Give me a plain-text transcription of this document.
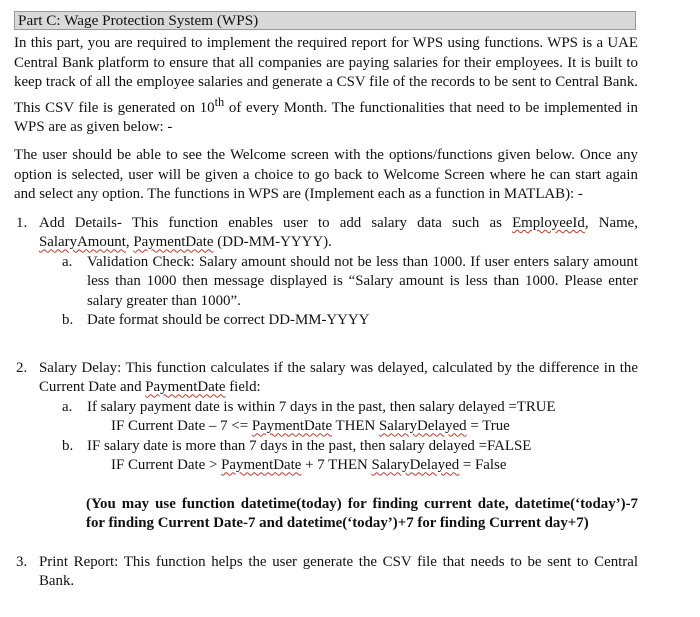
Part C: Wage Protection System (WPS)

In this part, you are required to implement the required report for WPS using functions. WPS is a UAE Central Bank platform to ensure that all companies are paying salaries for their employees. It is built to keep track of all the employee salaries and generate a CSV file of the records to be sent to Central Bank. This CSV file is generated on 10th of every Month. The functionalities that need to be implemented in WPS are as given below: -

The user should be able to see the Welcome screen with the options/functions given below. Once any option is selected, user will be given a choice to go back to Welcome Screen where he can start again and select any option. The functions in WPS are (Implement each as a function in MATLAB): -

1. Add Details- This function enables user to add salary data such as EmployeeId, Name, SalaryAmount, PaymentDate (DD-MM-YYYY).
a. Validation Check: Salary amount should not be less than 1000. If user enters salary amount less than 1000 then message displayed is “Salary amount is less than 1000. Please enter salary greater than 1000”.
b. Date format should be correct DD-MM-YYYY
2. Salary Delay: This function calculates if the salary was delayed, calculated by the difference in the Current Date and PaymentDate field:
a. If salary payment date is within 7 days in the past, then salary delayed =TRUE
IF Current Date – 7 <= PaymentDate THEN SalaryDelayed = True
b. IF salary date is more than 7 days in the past, then salary delayed =FALSE
IF Current Date > PaymentDate + 7 THEN SalaryDelayed = False
(You may use function datetime(today) for finding current date, datetime(‘today’)-7 for finding Current Date-7 and datetime(‘today’)+7 for finding Current day+7)
3. Print Report: This function helps the user generate the CSV file that needs to be sent to Central Bank.
